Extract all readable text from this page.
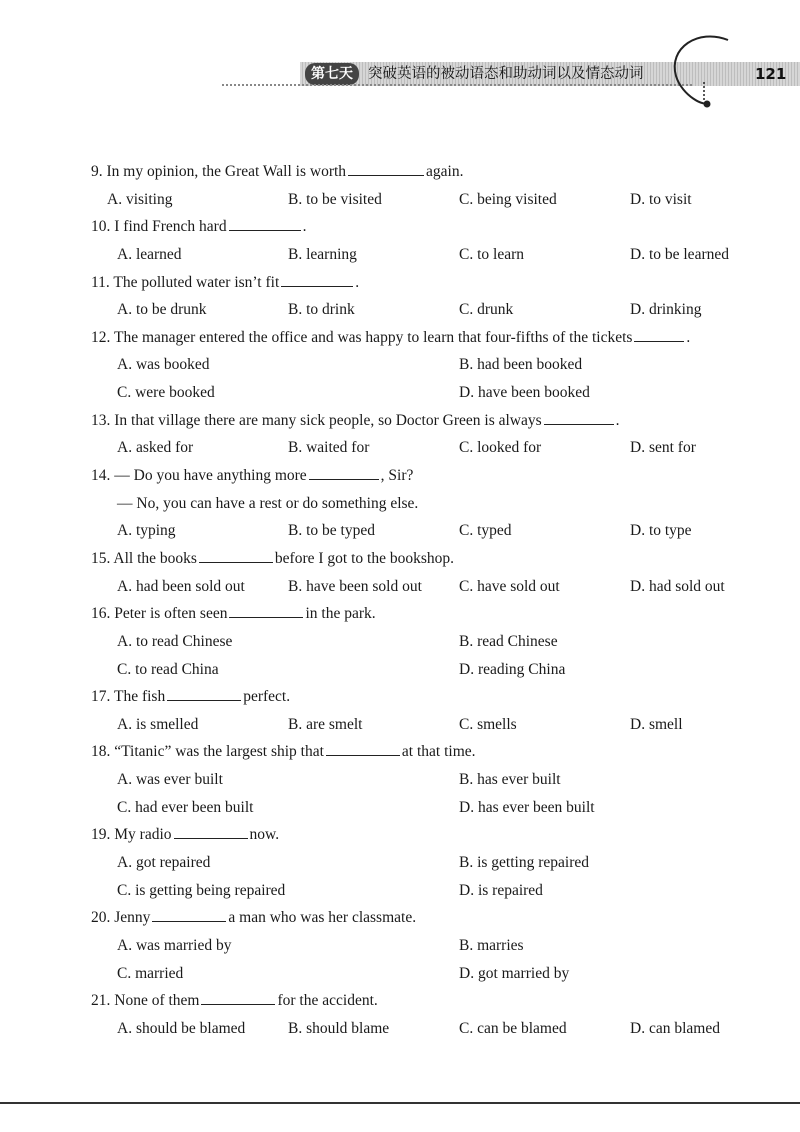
第七天	突破英语的被动语态和助动词以及情态动词	121
9. In my opinion, the Great Wall is worth	again.
A. visiting	B. to be visited	C. being visited	D. to visit
10. I find French hard	.
A. learned	B. learning	C. to learn	D. to be learned
11. The polluted water isn’t fit	.
A. to be drunk	B. to drink	C. drunk	D. drinking
12. The manager entered the office and was happy to learn that four-fifths of the tickets	.
A. was booked	B. had been booked
C. were booked	D. have been booked
13. In that village there are many sick people, so Doctor Green is always	.
A. asked for	B. waited for	C. looked for	D. sent for
14. — Do you have anything more	, Sir?
— No, you can have a rest or do something else.
A. typing	B. to be typed	C. typed	D. to type
15. All the books	before I got to the bookshop.
A. had been sold out	B. have been sold out C. have sold out	D. had sold out
16. Peter is often seen	in the park.
A. to read Chinese	B. read Chinese
C. to read China	D. reading China
17. The fish	perfect.
A. is smelled	B. are smelt	C. smells	D. smell
18. “Titanic” was the largest ship that	at that time.
A. was ever built	B. has ever built
C. had ever been built	D. has ever been built
19. My radio	now.
A. got repaired	B. is getting repaired
C. is getting being repaired	D. is repaired
20. Jenny	a man who was her classmate.
A. was married by	B. marries
C. married	D. got married by
21. None of them	for the accident.
A. should be blamed	B. should blame	C. can be blamed	D. can blamed
